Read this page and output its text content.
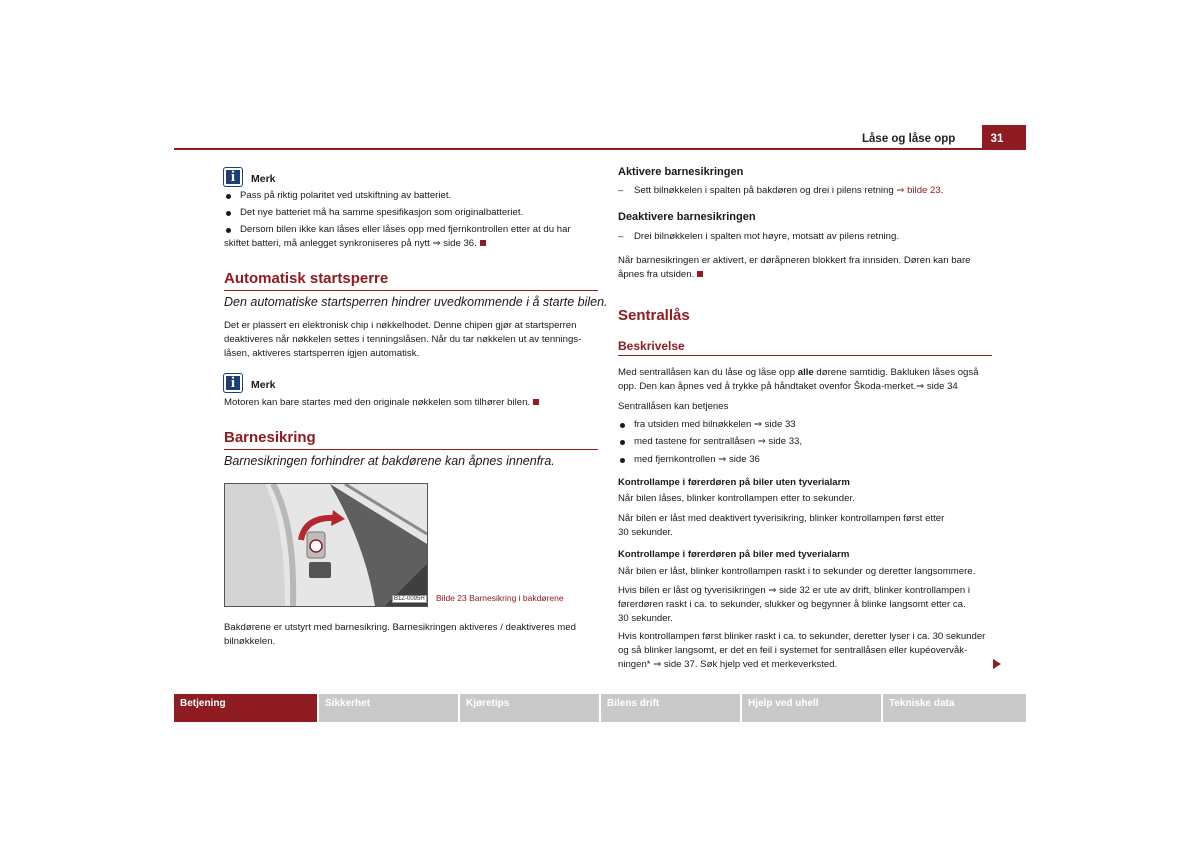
Låse og låse opp	31
i	Merk
Pass på riktig polaritet ved utskiftning av batteriet.
Det nye batteriet må ha samme spesifikasjon som originalbatteriet.
Dersom bilen ikke kan låses eller låses opp med fjernkontrollen etter at du har
skiftet batteri, må anlegget synkroniseres på nytt ⇒ side 36.
Automatisk startsperre
Den automatiske startsperren hindrer uvedkommende i å starte bilen.
Det er plassert en elektronisk chip i nøkkelhodet. Denne chipen gjør at startsperren
deaktiveres når nøkkelen settes i tenningslåsen. Når du tar nøkkelen ut av tennings-
låsen, aktiveres startsperren igjen automatisk.
i	Merk
Motoren kan bare startes med den originale nøkkelen som tilhører bilen.
Barnesikring
Barnesikringen forhindrer at bakdørene kan åpnes innenfra.
B1Z-0095H Bilde 23 Barnesikring i bakdørene
Bakdørene er utstyrt med barnesikring. Barnesikringen aktiveres / deaktiveres med
bilnøkkelen.
Aktivere barnesikringen
– Sett bilnøkkelen i spalten på bakdøren og drei i pilens retning ⇒ bilde 23.
Deaktivere barnesikringen
– Drei bilnøkkelen i spalten mot høyre, motsatt av pilens retning.
Når barnesikringen er aktivert, er døråpneren blokkert fra innsiden. Døren kan bare
åpnes fra utsiden.
Sentrallås
Beskrivelse
Med sentrallåsen kan du låse og låse opp alle dørene samtidig. Bakluken låses også
opp. Den kan åpnes ved å trykke på håndtaket ovenfor Škoda-merket.⇒ side 34
Sentrallåsen kan betjenes
fra utsiden med bilnøkkelen ⇒ side 33
med tastene for sentrallåsen ⇒ side 33,
med fjernkontrollen ⇒ side 36
Kontrollampe i førerdøren på biler uten tyverialarm
Når bilen låses, blinker kontrollampen etter to sekunder.
Når bilen er låst med deaktivert tyverisikring, blinker kontrollampen først etter
30 sekunder.
Kontrollampe i førerdøren på biler med tyverialarm
Når bilen er låst, blinker kontrollampen raskt i to sekunder og deretter langsommere.
Hvis bilen er låst og tyverisikringen ⇒ side 32 er ute av drift, blinker kontrollampen i
førerdøren raskt i ca. to sekunder, slukker og begynner å blinke langsomt etter ca.
30 sekunder.
Hvis kontrollampen først blinker raskt i ca. to sekunder, deretter lyser i ca. 30 sekunder
og så blinker langsomt, er det en feil i systemet for sentrallåsen eller kupéovervåk-
ningen* ⇒ side 37. Søk hjelp ved et merkeverksted.
Betjening	Sikkerhet	Kjøretips	Bilens drift	Hjelp ved uhell	Tekniske data
